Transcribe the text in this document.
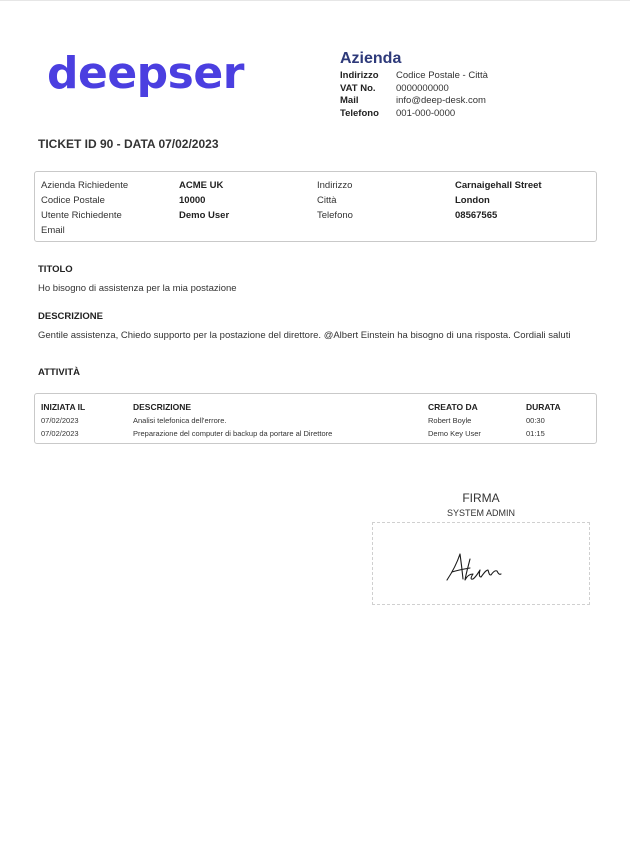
deepser	Azienda
Indirizzo	Codice Postale - Città
VAT No.	0000000000
Mail	info@deep-desk.com
Telefono	001-000-0000
TICKET ID 90 - DATA 07/02/2023
Azienda Richiedente	ACME UK	Indirizzo	Carnaigehall Street
Codice Postale	10000	Città	London
Utente Richiedente	Demo User	Telefono	08567565
Email
TITOLO
Ho bisogno di assistenza per la mia postazione
DESCRIZIONE
Gentile assistenza, Chiedo supporto per la postazione del direttore. @Albert Einstein ha bisogno di una risposta. Cordiali saluti
ATTIVITÀ
INIZIATA IL	DESCRIZIONE	CREATO DA	DURATA
07/02/2023	Analisi telefonica dell'errore.	Robert Boyle	00:30
07/02/2023	Preparazione del computer di backup da portare al Direttore	Demo Key User	01:15
FIRMA
SYSTEM ADMIN
